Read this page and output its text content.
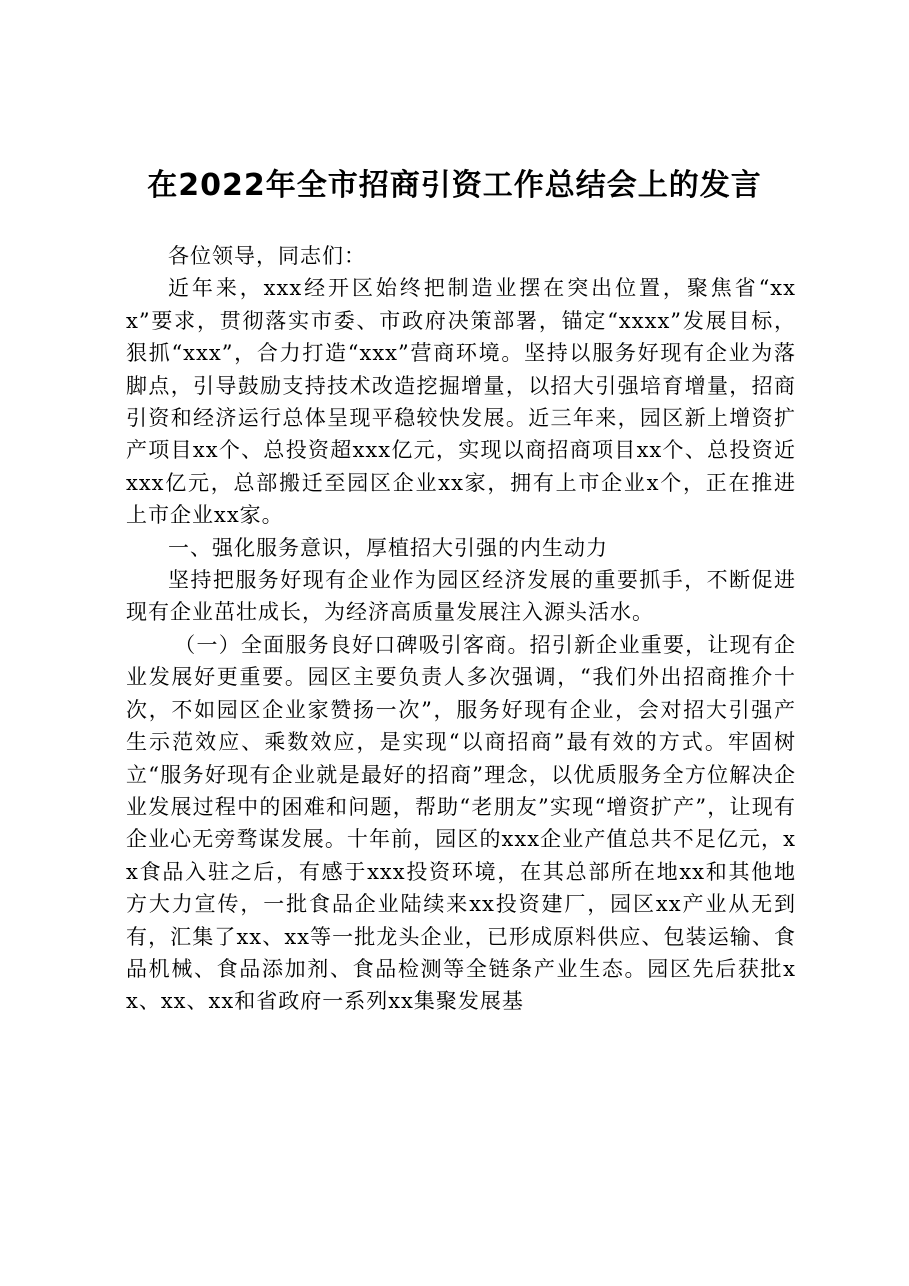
在2022年全市招商引资工作总结会上的发言

各位领导，同志们：

近年来，xxx经开区始终把制造业摆在突出位置，聚焦省“xxx”要求，贯彻落实市委、市政府决策部署，锚定“xxxx”发展目标，狠抓“xxx”，合力打造“xxx”营商环境。坚持以服务好现有企业为落脚点，引导鼓励支持技术改造挖掘增量，以招大引强培育增量，招商引资和经济运行总体呈现平稳较快发展。近三年来，园区新上增资扩产项目xx个、总投资超xxx亿元，实现以商招商项目xx个、总投资近xxx亿元，总部搬迁至园区企业xx家，拥有上市企业x个，正在推进上市企业xx家。

一、强化服务意识，厚植招大引强的内生动力

坚持把服务好现有企业作为园区经济发展的重要抓手，不断促进现有企业茁壮成长，为经济高质量发展注入源头活水。

（一）全面服务良好口碑吸引客商。招引新企业重要，让现有企业发展好更重要。园区主要负责人多次强调，“我们外出招商推介十次，不如园区企业家赞扬一次”，服务好现有企业，会对招大引强产生示范效应、乘数效应，是实现“以商招商”最有效的方式。牢固树立“服务好现有企业就是最好的招商”理念，以优质服务全方位解决企业发展过程中的困难和问题，帮助“老朋友”实现“增资扩产”，让现有企业心无旁骛谋发展。十年前，园区的xxx企业产值总共不足亿元，xx食品入驻之后，有感于xxx投资环境，在其总部所在地xx和其他地方大力宣传，一批食品企业陆续来xx投资建厂，园区xx产业从无到有，汇集了xx、xx等一批龙头企业，已形成原料供应、包装运输、食品机械、食品添加剂、食品检测等全链条产业生态。园区先后获批xx、xx、xx和省政府一系列xx集聚发展基
